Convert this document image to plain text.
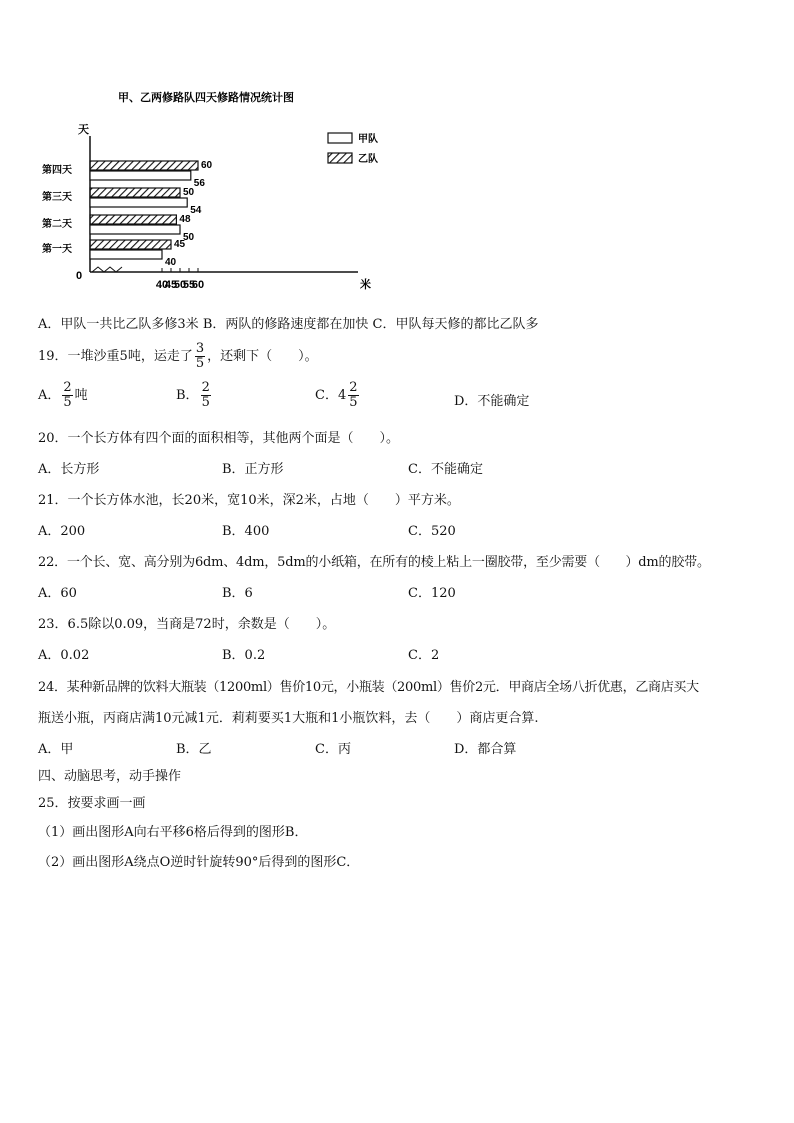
甲、乙两修路队四天修路情况统计图
天
米
0
第一天
第二天
第三天
第四天
40
50
54
56
45
48
50
60
40
45
50
55
60
甲队
乙队
A．甲队一共比乙队多修3米 B．两队的修路速度都在加快 C．甲队每天修的都比乙队多
19．一堆沙重5吨，运走了 $\frac{3}{5}$ ，还剩下（　　）。
A． $\frac{2}{5}$ 吨	B． $\frac{2}{5}$	C．$4 \frac{2}{5}$	D．不能确定
20．一个长方体有四个面的面积相等，其他两个面是（　　）。
A．长方形	B．正方形	C．不能确定
21．一个长方体水池，长20米，宽10米，深2米，占地（　　）平方米。
A．200	B．400	C．520
22．一个长、宽、高分别为6dm、4dm，5dm的小纸箱，在所有的棱上粘上一圈胶带，至少需要（　　）dm的胶带。
A．60	B．6	C．120
23．6.5除以0.09，当商是72时，余数是（　　）。
A．0.02	B．0.2	C．2
24．某种新品牌的饮料大瓶装（1200ml）售价10元，小瓶装（200ml）售价2元．甲商店全场八折优惠，乙商店买大
瓶送小瓶，丙商店满10元减1元．莉莉要买1大瓶和1小瓶饮料，去（　　）商店更合算.
A．甲	B．乙	C．丙	D．都合算
四、动脑思考，动手操作
25．按要求画一画
（1）画出图形A向右平移6格后得到的图形B．
（2）画出图形A绕点O逆时针旋转90°后得到的图形C．
